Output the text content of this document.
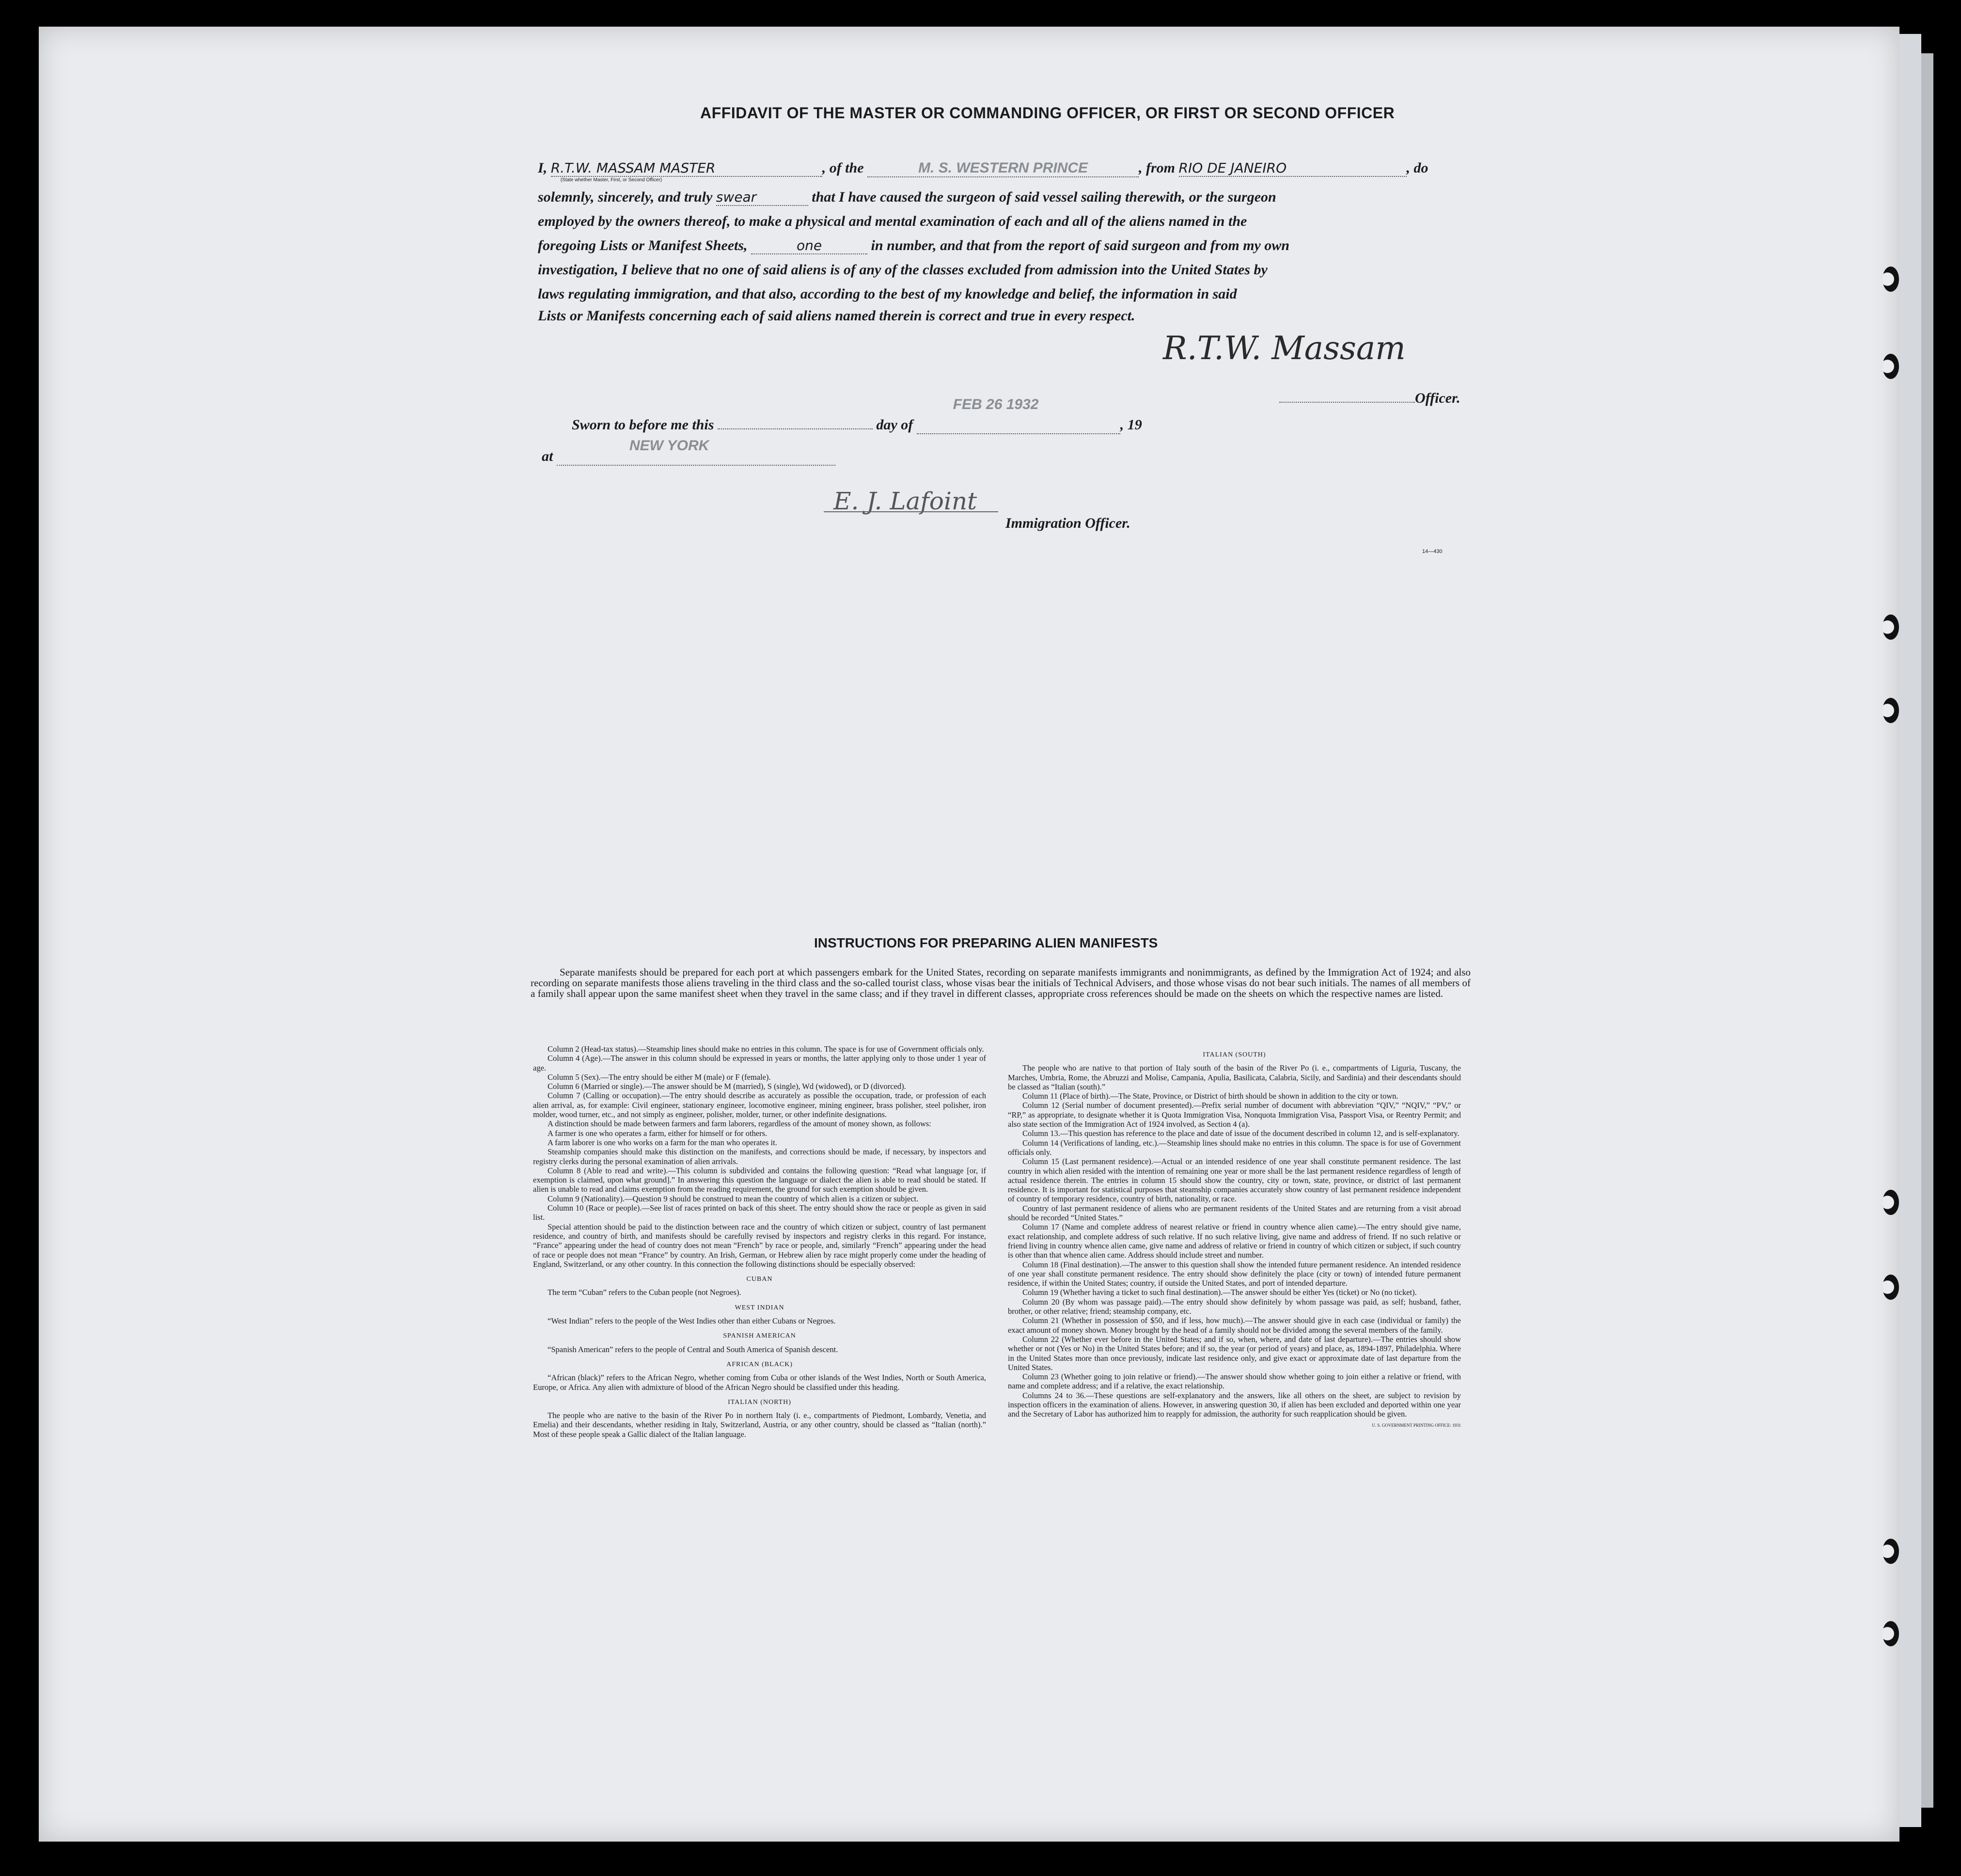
AFFIDAVIT OF THE MASTER OR COMMANDING OFFICER, OR FIRST OR SECOND OFFICER
I, R.T.W. MASSAM MASTER
(State whether Master, First, or Second Officer)
, of the	M. S. WESTERN PRINCE	, from RIO DE JANEIRO	, do
solemnly, sincerely, and truly swear	that I have caused the surgeon of said vessel sailing therewith, or the surgeon
employed by the owners thereof, to make a physical and mental examination of each and all of the aliens named in the
foregoing Lists or Manifest Sheets,	one	in number, and that from the report of said surgeon and from my own
investigation, I believe that no one of said aliens is of any of the classes excluded from admission into the United States by
laws regulating immigration, and that also, according to the best of my knowledge and belief, the information in said
Lists or Manifests concerning each of said aliens named therein is correct and true in every respect.
R.T.W. Massam
Officer.
Sworn to before me this	day of
FEB 26 1932
, 19
at
NEW YORK

E. J. Lafoint
Immigration Officer.
14—430
INSTRUCTIONS FOR PREPARING ALIEN MANIFESTS
Separate manifests should be prepared for each port at which passengers embark for the United States, recording on separate manifests immigrants and nonimmigrants, as defined by the Immigration Act of 1924; and also recording on separate manifests those aliens traveling in the third class and the so-called tourist class, whose visas bear the initials of Technical Advisers, and those whose visas do not bear such initials. The names of all members of a family shall appear upon the same manifest sheet when they travel in the same class; and if they travel in different classes, appropriate cross references should be made on the sheets on which the respective names are listed.

Column 2 (Head-tax status).—Steamship lines should make no entries in this column. The space is for use of Government officials only.

Column 4 (Age).—The answer in this column should be expressed in years or months, the latter applying only to those under 1 year of age.

Column 5 (Sex).—The entry should be either M (male) or F (female).

Column 6 (Married or single).—The answer should be M (married), S (single), Wd (widowed), or D (divorced).

Column 7 (Calling or occupation).—The entry should describe as accurately as possible the occupation, trade, or profession of each alien arrival, as, for example: Civil engineer, stationary engineer, locomotive engineer, mining engineer, brass polisher, steel polisher, iron molder, wood turner, etc., and not simply as engineer, polisher, molder, turner, or other indefinite designations.

A distinction should be made between farmers and farm laborers, regardless of the amount of money shown, as follows:

A farmer is one who operates a farm, either for himself or for others.

A farm laborer is one who works on a farm for the man who operates it.

Steamship companies should make this distinction on the manifests, and corrections should be made, if necessary, by inspectors and registry clerks during the personal examination of alien arrivals.

Column 8 (Able to read and write).—This column is subdivided and contains the following question: “Read what language [or, if exemption is claimed, upon what ground].” In answering this question the language or dialect the alien is able to read should be stated. If alien is unable to read and claims exemption from the reading requirement, the ground for such exemption should be given.

Column 9 (Nationality).—Question 9 should be construed to mean the country of which alien is a citizen or subject.

Column 10 (Race or people).—See list of races printed on back of this sheet. The entry should show the race or people as given in said list.

Special attention should be paid to the distinction between race and the country of which citizen or subject, country of last permanent residence, and country of birth, and manifests should be carefully revised by inspectors and registry clerks in this regard. For instance, “France” appearing under the head of country does not mean “French” by race or people, and, similarly “French” appearing under the head of race or people does not mean “France” by country. An Irish, German, or Hebrew alien by race might properly come under the heading of England, Switzerland, or any other country. In this connection the following distinctions should be especially observed:

CUBAN

The term “Cuban” refers to the Cuban people (not Negroes).

WEST INDIAN

“West Indian” refers to the people of the West Indies other than either Cubans or Negroes.

SPANISH AMERICAN

“Spanish American” refers to the people of Central and South America of Spanish descent.

AFRICAN (BLACK)

“African (black)” refers to the African Negro, whether coming from Cuba or other islands of the West Indies, North or South America, Europe, or Africa. Any alien with admixture of blood of the African Negro should be classified under this heading.

ITALIAN (NORTH)

The people who are native to the basin of the River Po in northern Italy (i. e., compartments of Piedmont, Lombardy, Venetia, and Emelia) and their descendants, whether residing in Italy, Switzerland, Austria, or any other country, should be classed as “Italian (north).” Most of these people speak a Gallic dialect of the Italian language.

ITALIAN (SOUTH)

The people who are native to that portion of Italy south of the basin of the River Po (i. e., compartments of Liguria, Tuscany, the Marches, Umbria, Rome, the Abruzzi and Molise, Campania, Apulia, Basilicata, Calabria, Sicily, and Sardinia) and their descendants should be classed as “Italian (south).”

Column 11 (Place of birth).—The State, Province, or District of birth should be shown in addition to the city or town.

Column 12 (Serial number of document presented).—Prefix serial number of document with abbreviation “QIV,” “NQIV,” “PV,” or “RP,” as appropriate, to designate whether it is Quota Immigration Visa, Nonquota Immigration Visa, Passport Visa, or Reentry Permit; and also state section of the Immigration Act of 1924 involved, as Section 4 (a).

Column 13.—This question has reference to the place and date of issue of the document described in column 12, and is self-explanatory.

Column 14 (Verifications of landing, etc.).—Steamship lines should make no entries in this column. The space is for use of Government officials only.

Column 15 (Last permanent residence).—Actual or an intended residence of one year shall constitute permanent residence. The last country in which alien resided with the intention of remaining one year or more shall be the last permanent residence regardless of length of actual residence therein. The entries in column 15 should show the country, city or town, state, province, or district of last permanent residence. It is important for statistical purposes that steamship companies accurately show country of last permanent residence independent of country of temporary residence, country of birth, nationality, or race.

Country of last permanent residence of aliens who are permanent residents of the United States and are returning from a visit abroad should be recorded “United States.”

Column 17 (Name and complete address of nearest relative or friend in country whence alien came).—The entry should give name, exact relationship, and complete address of such relative. If no such relative living, give name and address of friend. If no such relative or friend living in country whence alien came, give name and address of relative or friend in country of which citizen or subject, if such country is other than that whence alien came. Address should include street and number.

Column 18 (Final destination).—The answer to this question shall show the intended future permanent residence. An intended residence of one year shall constitute permanent residence. The entry should show definitely the place (city or town) of intended future permanent residence, if within the United States; country, if outside the United States, and port of intended departure.

Column 19 (Whether having a ticket to such final destination).—The answer should be either Yes (ticket) or No (no ticket).

Column 20 (By whom was passage paid).—The entry should show definitely by whom passage was paid, as self; husband, father, brother, or other relative; friend; steamship company, etc.

Column 21 (Whether in possession of $50, and if less, how much).—The answer should give in each case (individual or family) the exact amount of money shown. Money brought by the head of a family should not be divided among the several members of the family.

Column 22 (Whether ever before in the United States; and if so, when, where, and date of last departure).—The entries should show whether or not (Yes or No) in the United States before; and if so, the year (or period of years) and place, as, 1894-1897, Philadelphia. Where in the United States more than once previously, indicate last residence only, and give exact or approximate date of last departure from the United States.

Column 23 (Whether going to join relative or friend).—The answer should show whether going to join either a relative or friend, with name and complete address; and if a relative, the exact relationship.

Columns 24 to 36.—These questions are self-explanatory and the answers, like all others on the sheet, are subject to revision by inspection officers in the examination of aliens. However, in answering question 30, if alien has been excluded and deported within one year and the Secretary of Labor has authorized him to reapply for admission, the authority for such reapplication should be given.

U. S. GOVERNMENT PRINTING OFFICE: 1931
